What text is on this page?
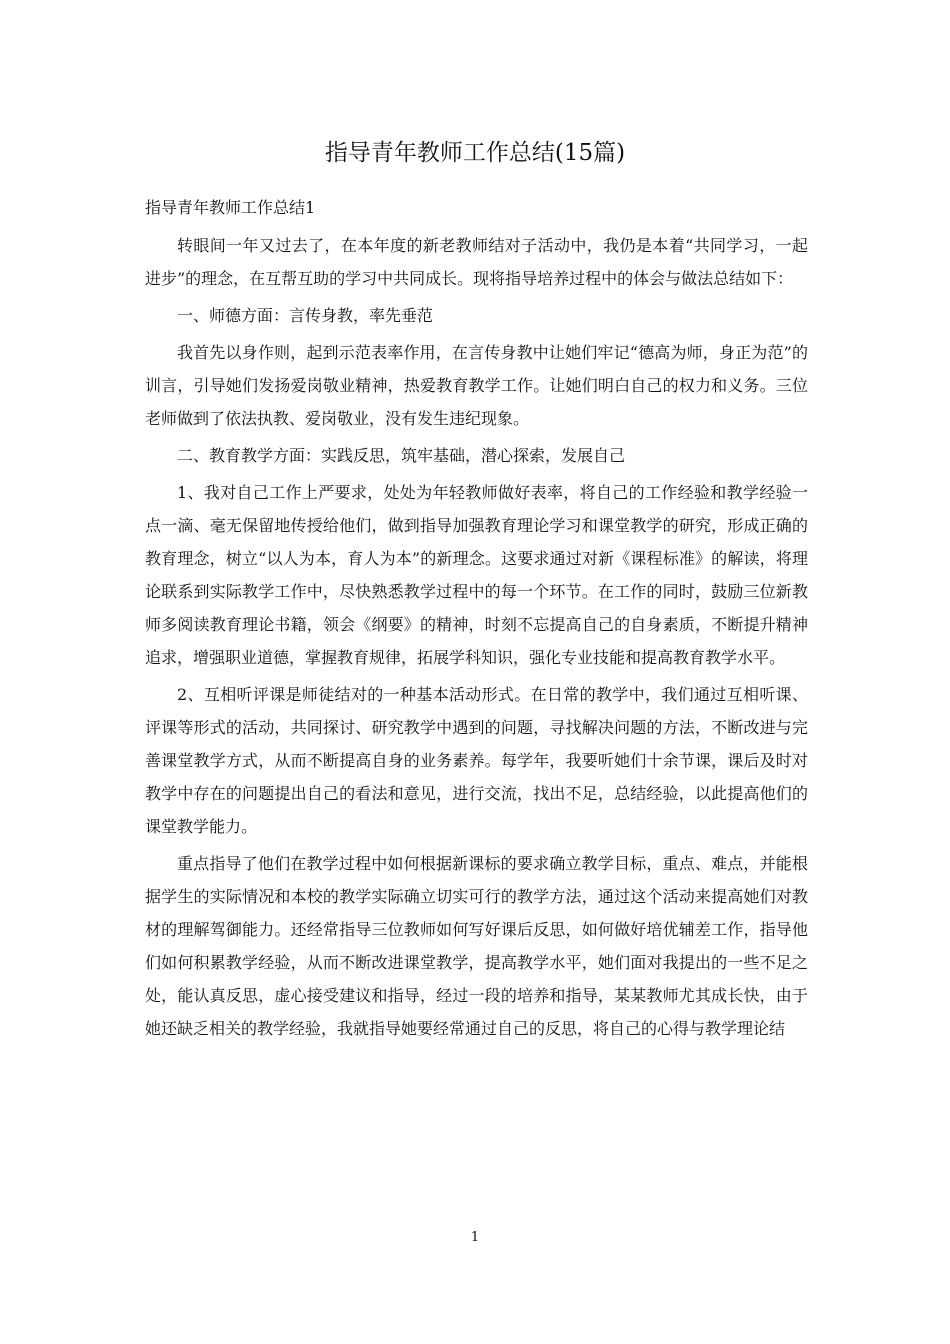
指导青年教师工作总结(15篇)
指导青年教师工作总结1

转眼间一年又过去了，在本年度的新老教师结对子活动中，我仍是本着“共同学习，一起进步”的理念，在互帮互助的学习中共同成长。现将指导培养过程中的体会与做法总结如下：

一、师德方面：言传身教，率先垂范

我首先以身作则，起到示范表率作用，在言传身教中让她们牢记“德高为师，身正为范”的训言，引导她们发扬爱岗敬业精神，热爱教育教学工作。让她们明白自己的权力和义务。三位老师做到了依法执教、爱岗敬业，没有发生违纪现象。

二、教育教学方面：实践反思，筑牢基础，潜心探索，发展自己

1、我对自己工作上严要求，处处为年轻教师做好表率，将自己的工作经验和教学经验一点一滴、毫无保留地传授给他们，做到指导加强教育理论学习和课堂教学的研究，形成正确的教育理念，树立“以人为本，育人为本”的新理念。这要求通过对新《课程标准》的解读，将理论联系到实际教学工作中，尽快熟悉教学过程中的每一个环节。在工作的同时，鼓励三位新教师多阅读教育理论书籍，领会《纲要》的精神，时刻不忘提高自己的自身素质，不断提升精神追求，增强职业道德，掌握教育规律，拓展学科知识，强化专业技能和提高教育教学水平。

2、互相听评课是师徒结对的一种基本活动形式。在日常的教学中，我们通过互相听课、评课等形式的活动，共同探讨、研究教学中遇到的问题，寻找解决问题的方法，不断改进与完善课堂教学方式，从而不断提高自身的业务素养。每学年，我要听她们十余节课，课后及时对教学中存在的问题提出自己的看法和意见，进行交流，找出不足，总结经验，以此提高他们的课堂教学能力。

重点指导了他们在教学过程中如何根据新课标的要求确立教学目标，重点、难点，并能根据学生的实际情况和本校的教学实际确立切实可行的教学方法，通过这个活动来提高她们对教材的理解驾御能力。还经常指导三位教师如何写好课后反思，如何做好培优辅差工作，指导他们如何积累教学经验，从而不断改进课堂教学，提高教学水平，她们面对我提出的一些不足之处，能认真反思，虚心接受建议和指导，经过一段的培养和指导，某某教师尤其成长快，由于她还缺乏相关的教学经验，我就指导她要经常通过自己的反思，将自己的心得与教学理论结

1
